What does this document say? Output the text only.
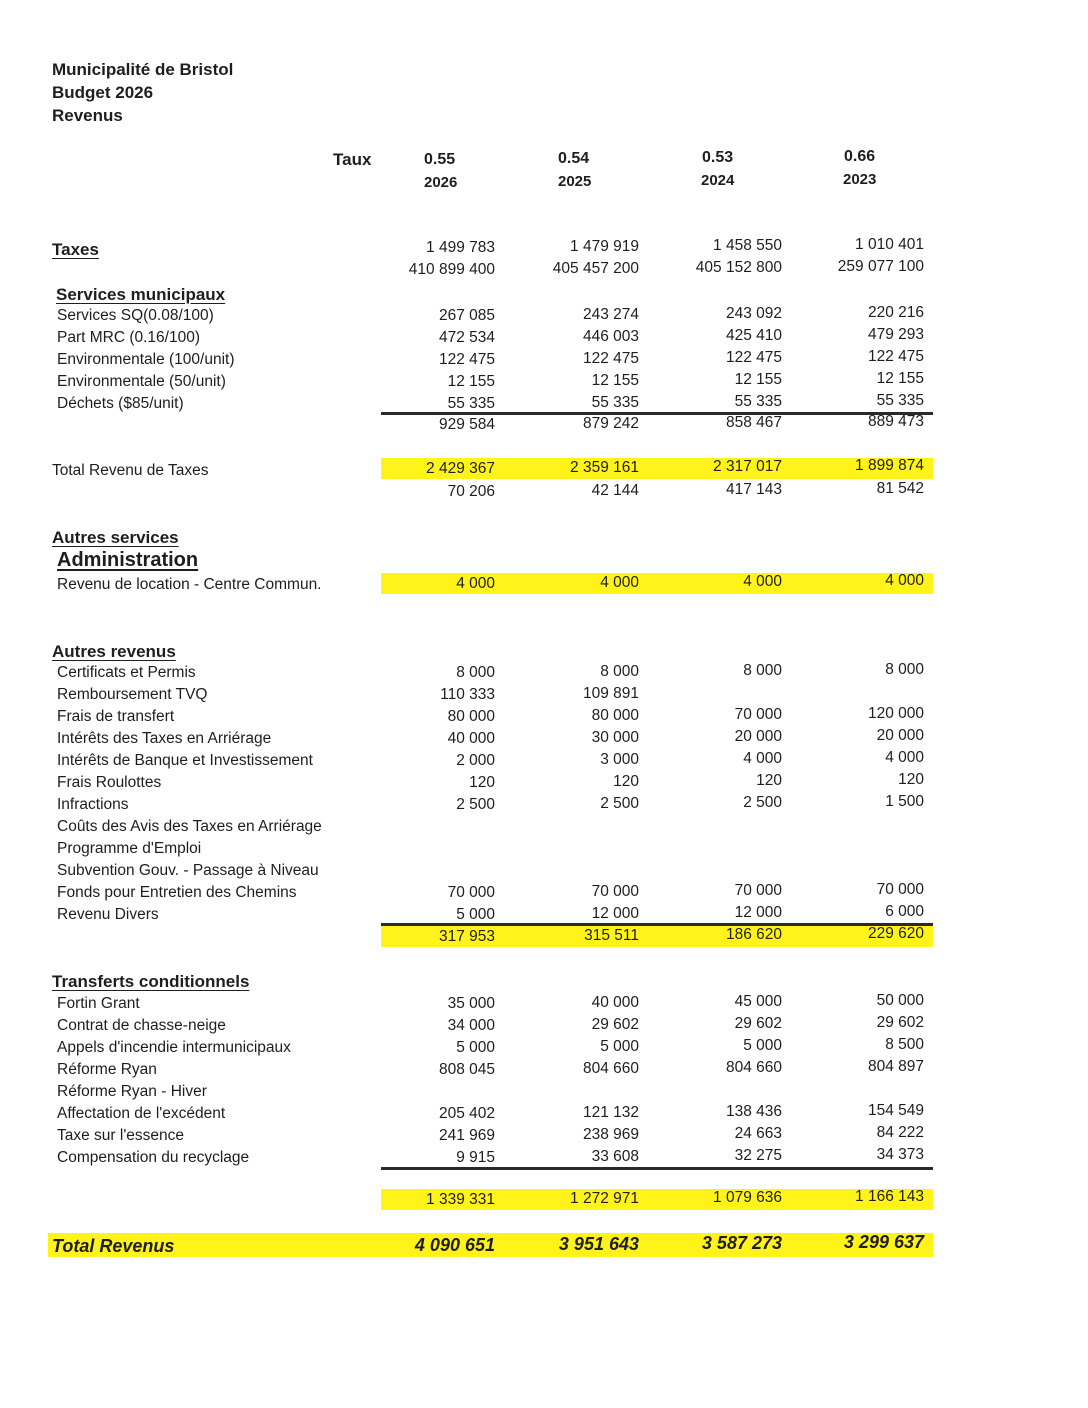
Municipalité de Bristol
Budget 2026
Revenus
Taux	0.55	0.54	0.53	0.66
2026	2025	2024	2023
Taxes	1 499 783	1 479 919	1 458 550	1 010 401
410 899 400	405 457 200	405 152 800	259 077 100
Services municipaux
Services SQ(0.08/100)	267 085	243 274	243 092	220 216
Part MRC (0.16/100)	472 534	446 003	425 410	479 293
Environmentale (100/unit)	122 475	122 475	122 475	122 475
Environmentale (50/unit)	12 155	12 155	12 155	12 155
Déchets ($85/unit)	55 335	55 335	55 335	55 335
929 584	879 242	858 467	889 473
Total Revenu de Taxes	2 429 367	2 359 161	2 317 017	1 899 874
70 206	42 144	417 143	81 542
Autres services
Administration
Revenu de location - Centre Commun.	4 000	4 000	4 000	4 000
Autres revenus
Certificats et Permis	8 000	8 000	8 000	8 000
Remboursement TVQ	110 333	109 891
Frais de transfert	80 000	80 000	70 000	120 000
Intérêts des Taxes en Arriérage	40 000	30 000	20 000	20 000
Intérêts de Banque et Investissement	2 000	3 000	4 000	4 000
Frais Roulottes	120	120	120	120
Infractions	2 500	2 500	2 500	1 500
Coûts des Avis des Taxes en Arriérage
Programme d'Emploi
Subvention Gouv. - Passage à Niveau
Fonds pour Entretien des Chemins	70 000	70 000	70 000	70 000
Revenu Divers	5 000	12 000	12 000	6 000
317 953	315 511	186 620	229 620
Transferts conditionnels
Fortin Grant	35 000	40 000	45 000	50 000
Contrat de chasse-neige	34 000	29 602	29 602	29 602
Appels d'incendie intermunicipaux	5 000	5 000	5 000	8 500
Réforme Ryan	808 045	804 660	804 660	804 897
Réforme Ryan - Hiver
Affectation de l'excédent	205 402	121 132	138 436	154 549
Taxe sur l'essence	241 969	238 969	24 663	84 222
Compensation du recyclage	9 915	33 608	32 275	34 373
1 339 331	1 272 971	1 079 636	1 166 143
Total Revenus	4 090 651	3 951 643	3 587 273	3 299 637
